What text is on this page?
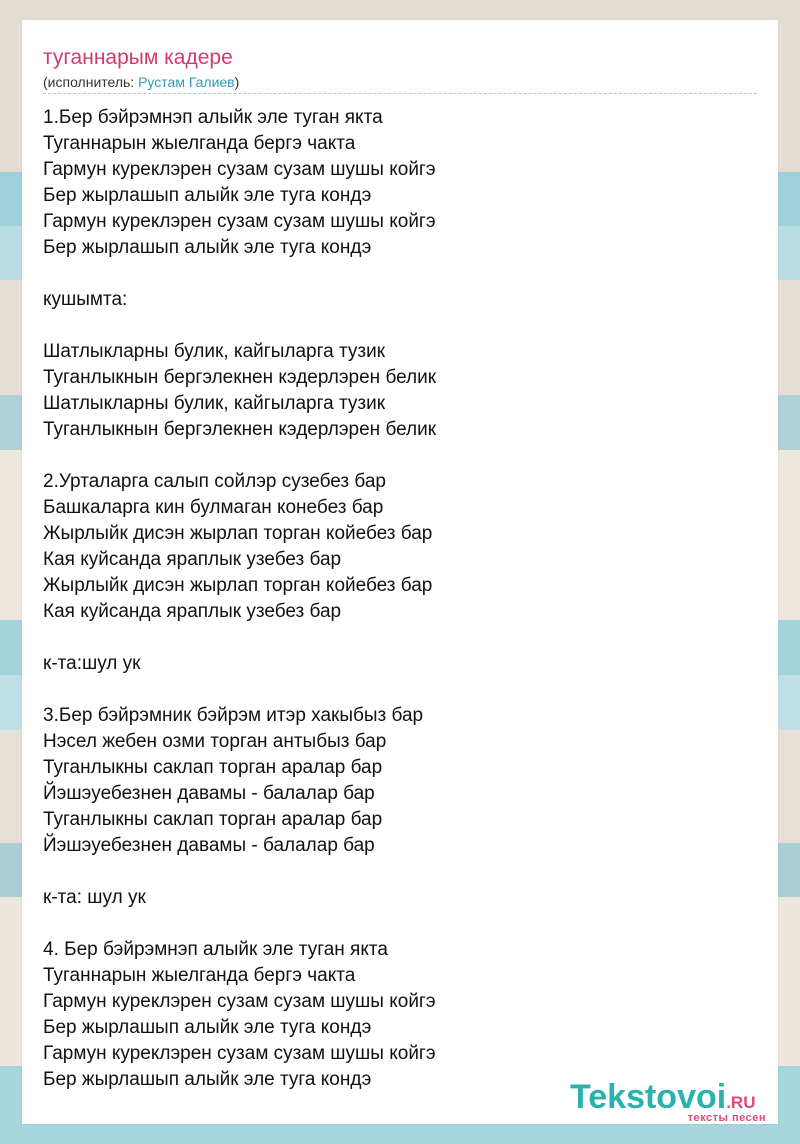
туганнарым кадере
(исполнитель: Рустам Галиев)
1.Бер бэйрэмнэп алыйк эле туган якта
Туганнарын жыелганда бергэ чакта
Гармун куреклэрен сузам сузам шушы койгэ
Бер жырлашып алыйк эле туга кондэ
Гармун куреклэрен сузам сузам шушы койгэ
Бер жырлашып алыйк эле туга кондэ
кушымта:
Шатлыкларны булик, кайгыларга тузик
Туганлыкнын бергэлекнен кэдерлэрен белик
Шатлыкларны булик, кайгыларга тузик
Туганлыкнын бергэлекнен кэдерлэрен белик
2.Урталарга салып сойлэр сузебез бар
Башкаларга кин булмаган конебез бар
Жырлыйк дисэн жырлап торган койебез бар
Кая куйсанда яраплык узебез бар
Жырлыйк дисэн жырлап торган койебез бар
Кая куйсанда яраплык узебез бар
к-та:шул ук
3.Бер бэйрэмник бэйрэм итэр хакыбыз бар
Нэсел жебен озми торган антыбыз бар
Туганлыкны саклап торган аралар бар
Йэшэуебезнен давамы - балалар бар
Туганлыкны саклап торган аралар бар
Йэшэуебезнен давамы - балалар бар
к-та: шул ук
4. Бер бэйрэмнэп алыйк эле туган якта
Туганнарын жыелганда бергэ чакта
Гармун куреклэрен сузам сузам шушы койгэ
Бер жырлашып алыйк эле туга кондэ
Гармун куреклэрен сузам сузам шушы койгэ
Бер жырлашып алыйк эле туга кондэ	Tekstovoi.RU
тексты песен
